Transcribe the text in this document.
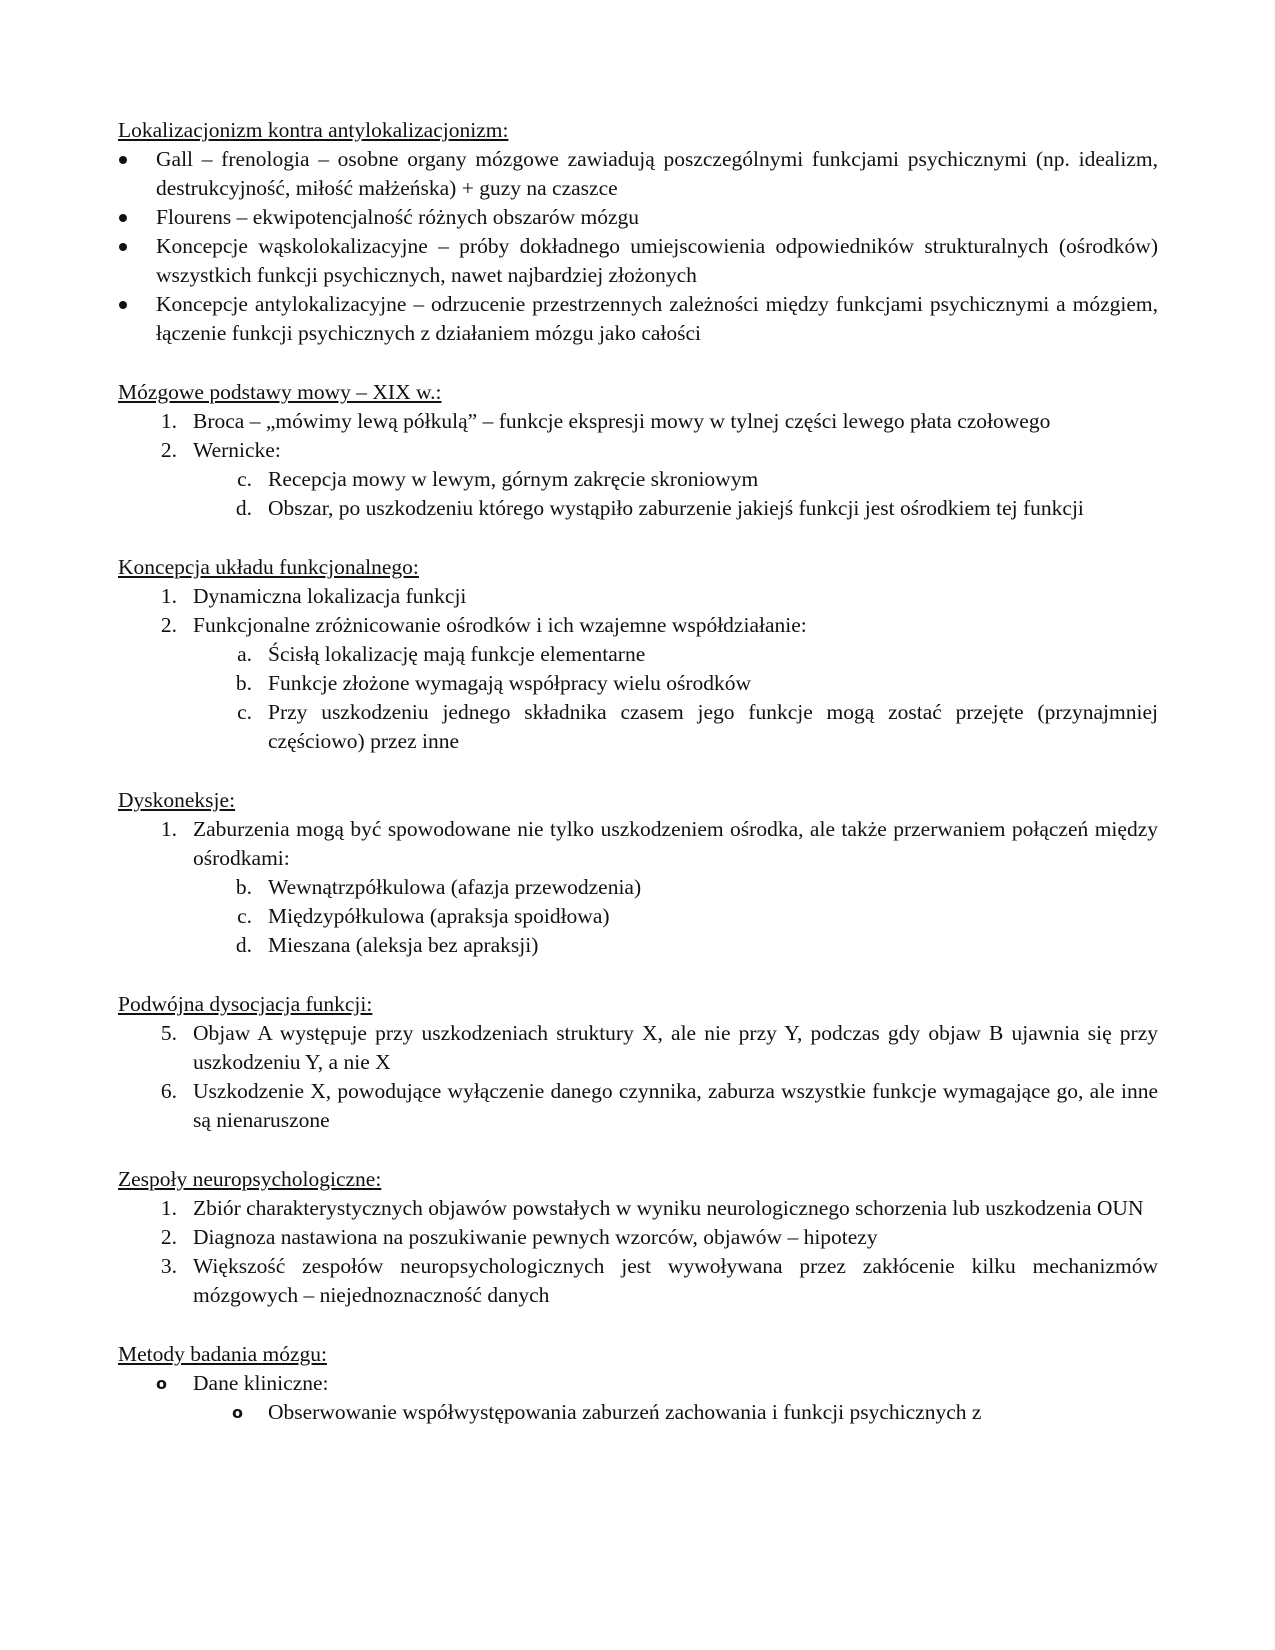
Lokalizacjonizm kontra antylokalizacjonizm:

Gall – frenologia – osobne organy mózgowe zawiadują poszczególnymi funkcjami psychicznymi (np. idealizm, destrukcyjność, miłość małżeńska) + guzy na czaszce
Flourens – ekwipotencjalność różnych obszarów mózgu
Koncepcje wąskolokalizacyjne – próby dokładnego umiejscowienia odpowiedników strukturalnych (ośrodków) wszystkich funkcji psychicznych, nawet najbardziej złożonych
Koncepcje antylokalizacyjne – odrzucenie przestrzennych zależności między funkcjami psychicznymi a mózgiem, łączenie funkcji psychicznych z działaniem mózgu jako całości

Mózgowe podstawy mowy – XIX w.:

1. Broca – „mówimy lewą półkulą” – funkcje ekspresji mowy w tylnej części lewego płata czołowego
2. Wernicke:
c. Recepcja mowy w lewym, górnym zakręcie skroniowym
d. Obszar, po uszkodzeniu którego wystąpiło zaburzenie jakiejś funkcji jest ośrodkiem tej funkcji

Koncepcja układu funkcjonalnego:

1. Dynamiczna lokalizacja funkcji
2. Funkcjonalne zróżnicowanie ośrodków i ich wzajemne współdziałanie:
a. Ścisłą lokalizację mają funkcje elementarne
b. Funkcje złożone wymagają współpracy wielu ośrodków
c. Przy uszkodzeniu jednego składnika czasem jego funkcje mogą zostać przejęte (przynajmniej częściowo) przez inne

Dyskoneksje:

1. Zaburzenia mogą być spowodowane nie tylko uszkodzeniem ośrodka, ale także przerwaniem połączeń między ośrodkami:
b. Wewnątrzpółkulowa (afazja przewodzenia)
c. Międzypółkulowa (apraksja spoidłowa)
d. Mieszana (aleksja bez apraksji)

Podwójna dysocjacja funkcji:

5. Objaw A występuje przy uszkodzeniach struktury X, ale nie przy Y, podczas gdy objaw B ujawnia się przy uszkodzeniu Y, a nie X
6. Uszkodzenie X, powodujące wyłączenie danego czynnika, zaburza wszystkie funkcje wymagające go, ale inne są nienaruszone

Zespoły neuropsychologiczne:

1. Zbiór charakterystycznych objawów powstałych w wyniku neurologicznego schorzenia lub uszkodzenia OUN
2. Diagnoza nastawiona na poszukiwanie pewnych wzorców, objawów – hipotezy
3. Większość zespołów neuropsychologicznych jest wywoływana przez zakłócenie kilku mechanizmów mózgowych – niejednoznaczność danych

Metody badania mózgu:

o Dane kliniczne:
o Obserwowanie współwystępowania zaburzeń zachowania i funkcji psychicznych z
